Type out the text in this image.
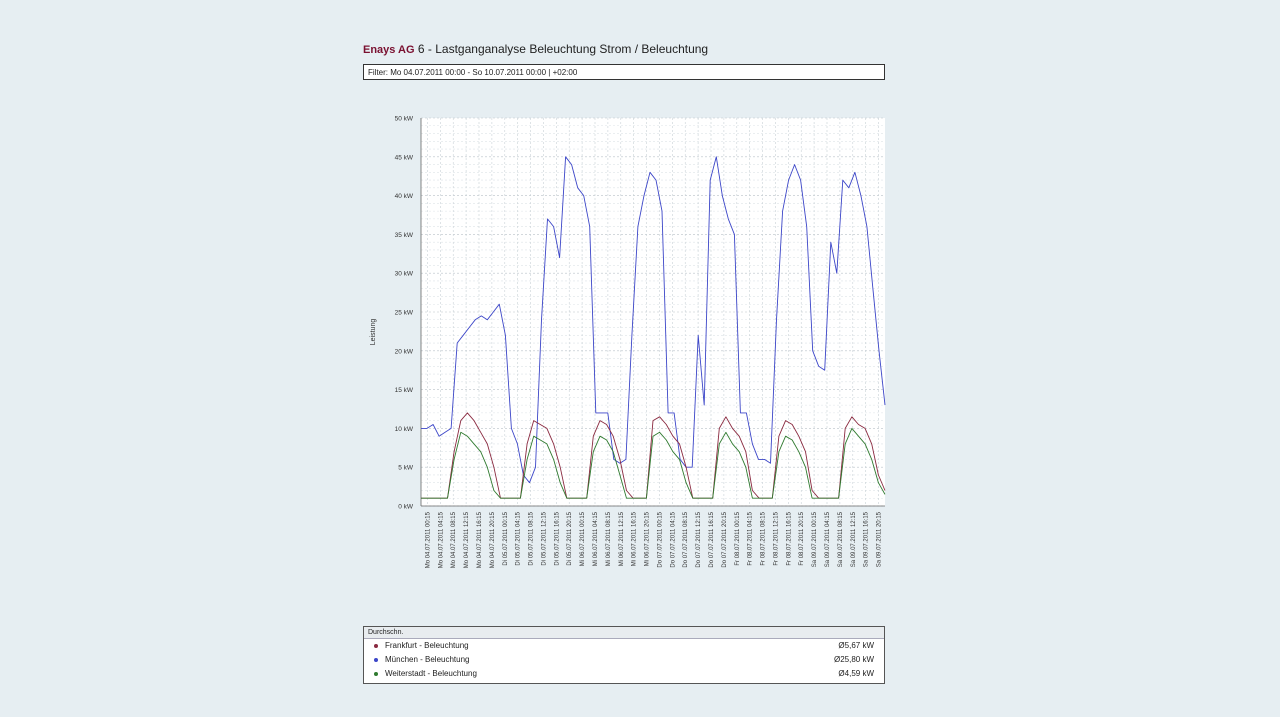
Enays AG 6 - Lastganganalyse Beleuchtung Strom / Beleuchtung
Filter: Mo 04.07.2011 00:00 - So 10.07.2011 00:00 | +02:00
0 kW
5 kW
10 kW
15 kW
20 kW
25 kW
30 kW
35 kW
40 kW
45 kW
50 kW
Leistung
Mo 04.07.2011 00:15 Mo 04.07.2011 04:15 Mo 04.07.2011 08:15 Mo 04.07.2011 12:15 Mo 04.07.2011 16:15 Mo 04.07.2011 20:15 Di 05.07.2011 00:15 Di 05.07.2011 04:15 Di 05.07.2011 08:15 Di 05.07.2011 12:15 Di 05.07.2011 16:15 Di 05.07.2011 20:15 Mi 06.07.2011 00:15 Mi 06.07.2011 04:15 Mi 06.07.2011 08:15 Mi 06.07.2011 12:15 Mi 06.07.2011 16:15 Mi 06.07.2011 20:15 Do 07.07.2011 00:15 Do 07.07.2011 04:15 Do 07.07.2011 08:15 Do 07.07.2011 12:15 Do 07.07.2011 16:15 Do 07.07.2011 20:15 Fr 08.07.2011 00:15 Fr 08.07.2011 04:15 Fr 08.07.2011 08:15 Fr 08.07.2011 12:15 Fr 08.07.2011 16:15 Fr 08.07.2011 20:15 Sa 09.07.2011 00:15 Sa 09.07.2011 04:15 Sa 09.07.2011 08:15 Sa 09.07.2011 12:15 Sa 09.07.2011 16:15 Sa 09.07.2011 20:15
Durchschn.
Frankfurt - Beleuchtung	Ø5,67 kW
München - Beleuchtung	Ø25,80 kW
Weiterstadt - Beleuchtung	Ø4,59 kW
